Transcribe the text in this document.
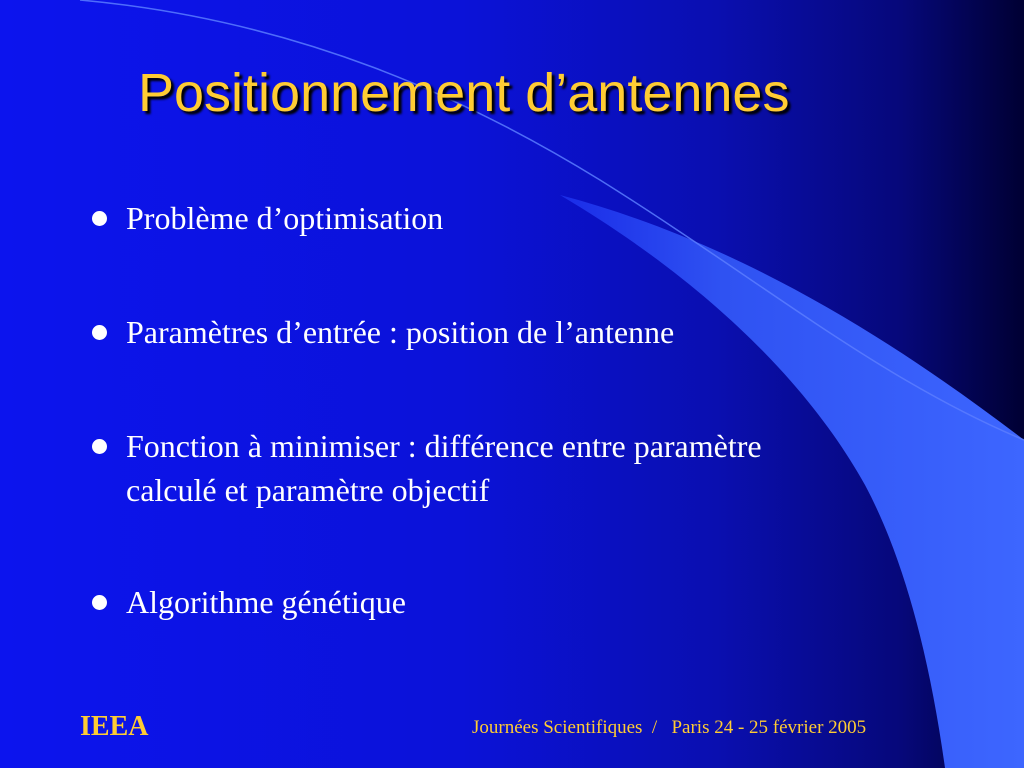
Positionnement d’antennes
Problème d’optimisation
Paramètres d’entrée : position de l’antenne
Fonction à minimiser : différence entre paramètre
calculé et paramètre objectif
Algorithme génétique
IEEA	Journées Scientifiques  /   Paris 24 - 25 février 2005
